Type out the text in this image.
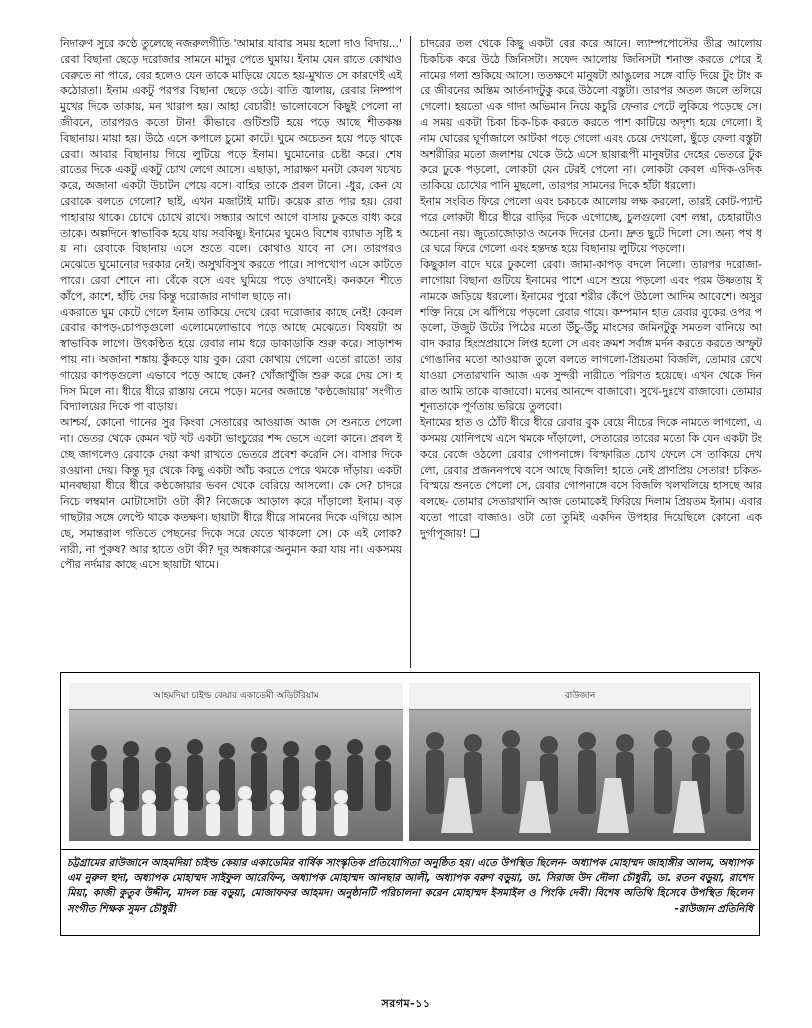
নিদারুণ সুরে কণ্ঠে তুলেছে নজরুলগীতি 'আমার যাবার সময় হলো দাও বিদায়...' রেবা বিছানা ছেড়ে দরোজার সামনে মাদুর পেতে ঘুমায়। ইনাম যেন রাতে কোথাও বেরুতে না পারে, বের হলেও যেন তাকে মাড়িয়ে যেতে হয়-মুখ্যত সে কারণেই এই কঠোরতা। ইনাম একটু পরপর বিছানা ছেড়ে ওঠে। বাতি জ্বালায়, রেবার নিষ্পাপ মুখের দিকে তাকায়, মন খারাপ হয়। আহা বেচারী! ভালোবেসে কিছুই পেলো না জীবনে, তারপরও কতো টান! কীভাবে গুটিশুটি হয়ে পড়ে আছে শীতকষ্ণ বিছানায়। মায়া হয়। উঠে এসে কপালে চুমো কাটে। ঘুমে অচেতন হয়ে পড়ে থাকে রেবা। আবার বিছানায় গিয়ে লুটিয়ে পড়ে ইনাম। ঘুমোনোর চেষ্টা করে। শেষ রাতের দিকে একটু একটু চোখ লেগে আসে। এছাড়া, সারাক্ষণ মনটা কেবল খচখচ করে, অজানা একটা উচাটন পেয়ে বসে। বাহির তাকে প্রবল টানে। -ধুর, কেন যে রেবাকে বলতে গেলো? ছাই, এখন মজাটাই মাটি। কয়েক রাত পার হয়। রেবা পাহারায় থাকে। চোখে চোখে রাখে। সন্ধ্যার আগে আগে বাসায় ঢুকতে বাধ্য করে তাকে। অল্পদিনে স্বাভাবিক হয়ে যায় সবকিছু। ইনামের ঘুমেও বিশেষ ব্যাঘাত সৃষ্টি হয় না। রেবাকে বিছানায় এসে শুতে বলে। কোথাও যাবে না সে। তারপরও মেঝেতে ঘুমোনোর দরকার নেই। অসুখবিসুখ করতে পারে। সাপখোপ এসে কাটতে পারে। রেবা শোনে না। বেঁকে বসে এবং ঘুমিয়ে পড়ে ওখানেই। কনকনে শীতে কাঁপে, কাশে, হাঁচি দেয় কিন্তু দরোজার নাগাল ছাড়ে না।

একরাতে ঘুম কেটে গেলে ইনাম তাকিয়ে দেখে রেবা দরোজার কাছে নেই! কেবল রেবার কাপড়-চোপড়গুলো এলোমেলোভাবে পড়ে আছে মেঝেতে। বিষয়টা অস্বাভাবিক লাগে। উৎকণ্ঠিত হয়ে রেবার নাম ধরে ডাকাডাকি শুরু করে। সাড়াশব্দ পায় না। অজানা শঙ্কায় কুঁকড়ে যায় বুক। রেবা কোথায় গেলো এতো রাতে! তার গায়ের কাপড়গুলো এভাবে পড়ে আছে কেন? খোঁজাখুঁজি শুরু করে দেয় সে। হদিস মিলে না। ধীরে ধীরে রাস্তায় নেমে পড়ে। মনের অজান্তে 'কণ্ঠজোয়ার' সংগীত বিদ্যালয়ের দিকে পা বাড়ায়।

আশ্চর্য, কোনো গানের সুর কিংবা সেতারের আওয়াজ আজ সে শুনতে পেলো না। ভেতর থেকে কেমন খট খট একটা ভাংচুরের শব্দ ভেসে এলো কানে। প্রবল ইচ্ছে জাগলেও রেবাকে দেয়া কথা রাখতে ভেতরে প্রবেশ করেনি সে। বাসার দিকে রওয়ানা দেয়। কিন্তু দূর থেকে কিছু একটা আঁচ করতে পেরে থমকে দাঁড়ায়। একটা মানবছায়া ধীরে ধীরে কণ্ঠজোয়ার ভবন থেকে বেরিয়ে আসলো। কে সে? চাদরে নিচে লম্বমান মোটাসোটা ওটা কী? নিজেকে আড়াল করে দাঁড়ালো ইনাম। বড় গাছটার সঙ্গে লেপ্টে থাকে কতক্ষণ। ছায়াটা ধীরে ধীরে সামনের দিকে এগিয়ে আসছে, সমান্তরাল গতিতে পেছনের দিকে সরে যেতে থাকলো সে। কে এই লোক? নারী, না পুরুষ? আর হাতে ওটা কী? দূর অন্ধকারে অনুমান করা যায় না। একসময় পৌর নর্দমার কাছে এসে ছায়াটা থামে।

চাদরের তল থেকে কিছু একটা বের করে আনে। ল্যাম্পপোস্টের তীব্র আলোয় চিকচিক করে উঠে জিনিসটা। সফেদ আলোয় জিনিসটা শনাক্ত করতে পেরে ইনামের গলা শুকিয়ে আসে। ততক্ষণে মানুষটা আঙুলের সঙ্গে বাড়ি দিয়ে টুং টাং করে জীবনের অন্তিম আর্তনাদটুকু করে উঠলো বস্তুটা। তারপর অতল জলে তলিয়ে গেলো। হয়তো এক গাদা অভিমান নিয়ে কচুরি ফেনার পেটে লুকিয়ে পড়েছে সে। এ সময় একটা চিকা চিক-চিক করতে করতে পাশ কাটিয়ে অদৃশ্য হয়ে গেলো। ইনাম ঘোরের ঘূর্ণাজালে আটকা পড়ে গেলো এবং চেয়ে দেখলো, ছুঁড়ে ফেলা বস্তুটা অশরীরির মতো জলাশয় থেকে উঠে এসে ছায়ারূপী মানুষটার দেহের ভেতরে টুক করে ঢুকে পড়লো, লোকটা যেন টেরই পেলো না। লোকটা কেবল এদিক-ওদিক তাকিয়ে চোখের পানি মুছলো, তারপর সামনের দিকে হাঁটা ধরলো।

ইনাম সংবিত ফিরে পেলো এবং চকচকে আলোয় লক্ষ করলো, তারই কোট-প্যান্ট পরে লোকটা ধীরে ধীরে বাড়ির দিকে এগোচ্ছে, চুলগুলো বেশ লম্বা, চেহারাটাও অচেনা নয়। জুতোজোড়াও অনেক দিনের চেনা। দ্রুত ছুটে দিলো সে। অন্য পথ ধরে ঘরে ফিরে গেলো এবং হন্তদন্ত হয়ে বিছানায় লুটিয়ে পড়লো।

কিছুকাল বাদে ঘরে ঢুকলো রেবা। জামা-কাপড় বদলে নিলো। তারপর দরোজা-লাগোয়া বিছানা গুটিয়ে ইনামের পাশে এসে শুয়ে পড়লো এবং পরম উষ্ণতায় ইনামকে জড়িয়ে ধরলো। ইনামের পুরো শরীর কেঁপে উঠলো আদিম আবেশে। অসুরশক্তি নিয়ে সে ঝাঁপিয়ে পড়লো রেবার গায়ে। কম্পমান হাত রেবার বুকের ওপর পড়লো, উজুট উটের পিঠের মতো উঁচু-উঁচু মাংসের জমিনটুকু সমতল বানিয়ে আবাদ করার হিংস্রপ্রয়াসে লিপ্ত হলো সে এবং ক্রমশ সর্বাঙ্গ মর্দন করতে করতে অস্ফুট গোঙানির মতো আওয়াজ তুলে বলতে লাগলো-প্রিয়তমা বিজলি, তোমার রেখে যাওয়া সেতারখানি আজ এক সুন্দরী নারীতে পরিণত হয়েছে। এখন থেকে দিনরাত আমি তাকে বাজাবো। মনের আনন্দে বাজাবো। সুখে-দুঃখে বাজাবো। তোমার শূন্যতাকে পূর্ণতায় ভরিয়ে তুলবো।

ইনামের হাত ও ঠোঁট ধীরে ধীরে রেবার বুক বেয়ে নীচের দিকে নামতে লাগলো, একসময় যোনিপথে এসে থমকে দাঁড়ালো, সেতারের তারের মতো কি যেন একটা টং করে বেজে ওঠলো রেবার গোপনাঙ্গে। বিস্ফারিত চোখ ফেলে সে তাকিয়ে দেখলো, রেবার প্রজননপথে বসে আছে বিজলি! হাতে নেই প্রাণপ্রিয় সেতার! চকিত-বিস্ময়ে শুনতে পেলো সে, রেবার গোপনাঙ্গে বসে বিজলি খলখলিয়ে হাসছে আর বলছে- তোমার সেতারখানি আজ তোমাকেই ফিরিয়ে দিলাম প্রিয়তম ইনাম। এবার যতো পারো বাজাও। ওটা তো তুমিই একদিন উপহার দিয়েছিলে কোনো এক দুর্গাপূজায়! ❑

আহমদিয়া চাইল্ড কেয়ার একাডেমী অডিটরিয়াম	রাউজান

চট্টগ্রামের রাউজানে আহমদিয়া চাইল্ড কেয়ার একাডেমির বার্ষিক সাংস্কৃতিক প্রতিযোগিতা অনুষ্ঠিত হয়। এতে উপস্থিত ছিলেন- অধ্যাপক মোহাম্মদ জাহাঙ্গীর আলম, অধ্যাপক এম নুরুল হুদা, অধ্যাপক মোহাম্মদ সাইফুল আরেফিন, অধ্যাপক মোহাম্মদ আনছার আলী, অধ্যাপক বরুণ বড়ুয়া, ডা. সিরাজ উদ দৌলা চৌধুরী, ডা. রতন বড়ুয়া, রাশেদ মিয়া, কাজী কুতুব উদ্দীন, মাদল চন্দ্র বড়ুয়া, মোজাফফর আহমদ। অনুষ্ঠানটি পরিচালনা করেন মোহাম্মদ ইসমাইল ও পিংকি দেবী। বিশেষ অতিথি হিসেবে উপস্থিত ছিলেন সংগীত শিক্ষক সুমন চৌধুরী	-রাউজান প্রতিনিধি

সরগম-১১
